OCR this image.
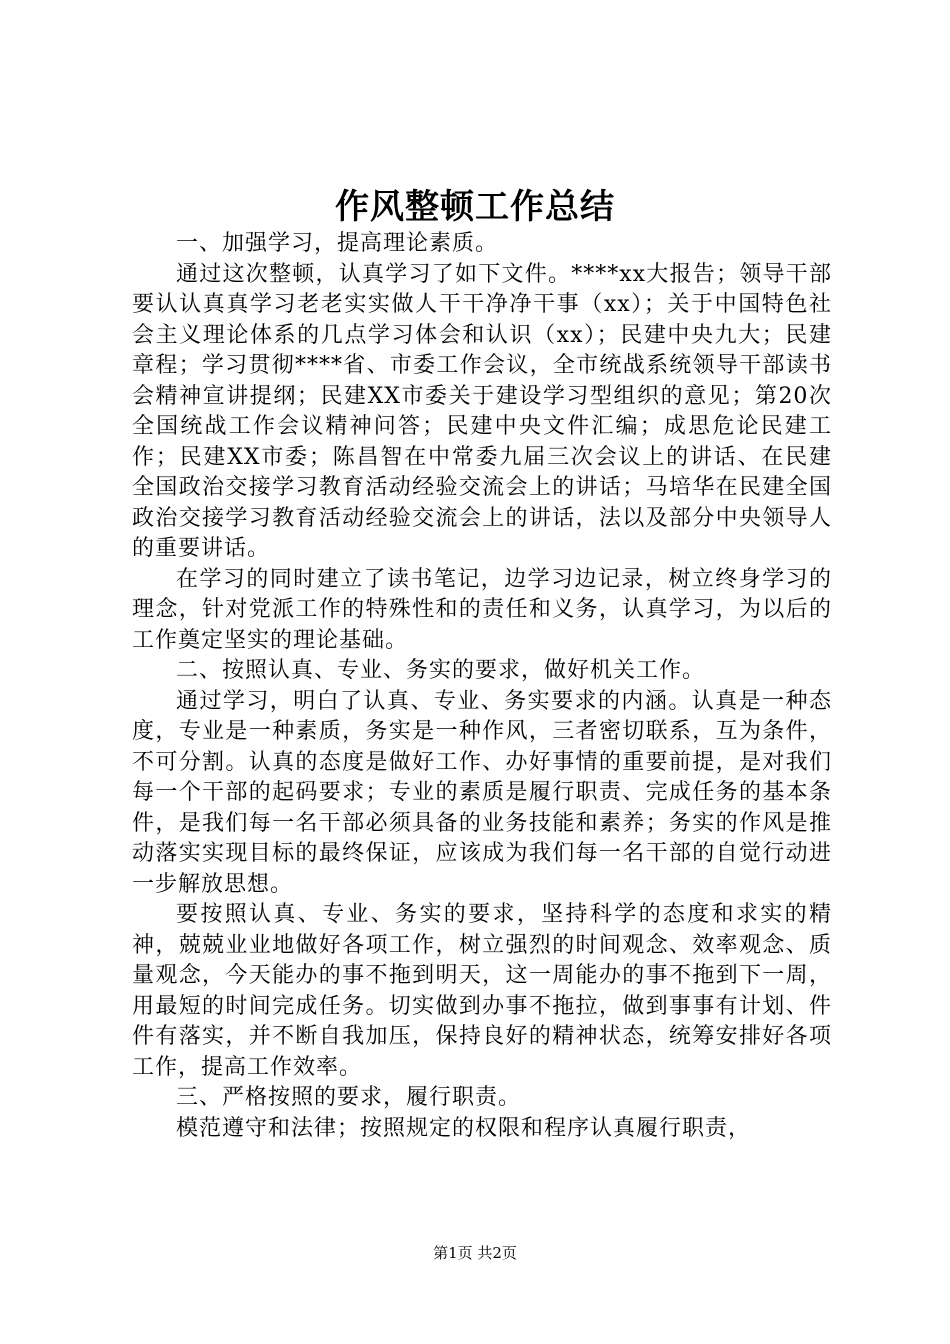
作风整顿工作总结

一、加强学习，提高理论素质。

通过这次整顿，认真学习了如下文件。****xx大报告；领导干部要认认真真学习老老实实做人干干净净干事（xx）；关于中国特色社会主义理论体系的几点学习体会和认识（xx）；民建中央九大；民建章程；学习贯彻****省、市委工作会议，全市统战系统领导干部读书会精神宣讲提纲；民建XX市委关于建设学习型组织的意见；第20次全国统战工作会议精神问答；民建中央文件汇编；成思危论民建工作；民建XX市委；陈昌智在中常委九届三次会议上的讲话、在民建全国政治交接学习教育活动经验交流会上的讲话；马培华在民建全国政治交接学习教育活动经验交流会上的讲话，法以及部分中央领导人的重要讲话。

在学习的同时建立了读书笔记，边学习边记录，树立终身学习的理念，针对党派工作的特殊性和的责任和义务，认真学习，为以后的工作奠定坚实的理论基础。

二、按照认真、专业、务实的要求，做好机关工作。

通过学习，明白了认真、专业、务实要求的内涵。认真是一种态度，专业是一种素质，务实是一种作风，三者密切联系，互为条件，不可分割。认真的态度是做好工作、办好事情的重要前提，是对我们每一个干部的起码要求；专业的素质是履行职责、完成任务的基本条件，是我们每一名干部必须具备的业务技能和素养；务实的作风是推动落实实现目标的最终保证，应该成为我们每一名干部的自觉行动进一步解放思想。

要按照认真、专业、务实的要求，坚持科学的态度和求实的精神，兢兢业业地做好各项工作，树立强烈的时间观念、效率观念、质量观念，今天能办的事不拖到明天，这一周能办的事不拖到下一周，用最短的时间完成任务。切实做到办事不拖拉，做到事事有计划、件件有落实，并不断自我加压，保持良好的精神状态，统筹安排好各项工作，提高工作效率。

三、严格按照的要求，履行职责。

模范遵守和法律；按照规定的权限和程序认真履行职责，

第1页 共2页
